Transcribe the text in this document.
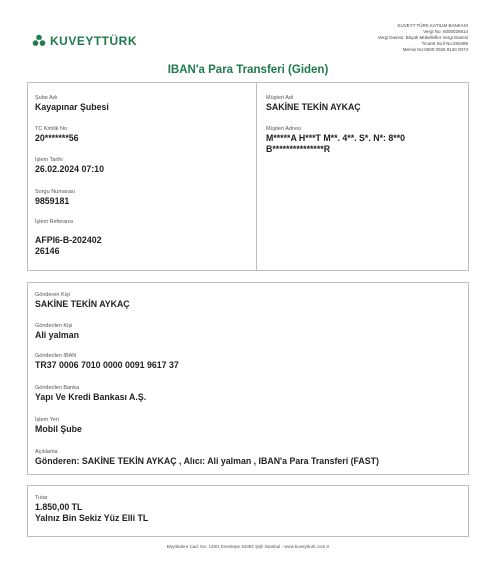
KUVEYTTÜRK
KUVEYT TÜRK KATILIM BANKASI
Vergi No: 6000026814
Vergi Dairesi: Büyük Mükellefler Vergi Dairesi
Ticaret Sicil No:250489
Mersis No:0600 0026 8140 0074
IBAN'a Para Transferi (Giden)
Şube Adı
Kayapınar Şubesi
TC Kimlik No
20*******56
İşlem Tarihi
26.02.2024 07:10
Sorgu Numarası
9859181
İşlem Referansı
AFPI6-B-202402
26146
Müşteri Adı
SAKİNE TEKİN AYKAÇ
Müşteri Adresi
M*****A H***T M**. 4**. S*. N*: 8**0
B***************R
Gönderen Kişi
SAKİNE TEKİN AYKAÇ
Gönderilen Kişi
Ali yalman
Gönderilen IBAN
TR37 0006 7010 0000 0091 9617 37
Gönderilen Banka
Yapı Ve Kredi Bankası A.Ş.
İşlem Yeri
Mobil Şube
Açıklama
Gönderen: SAKİNE TEKİN AYKAÇ , Alıcı: Ali yalman , IBAN'a Para Transferi (FAST)
Tutar
1.850,00 TL
Yalnız Bin Sekiz Yüz Elli TL
Büyükdere Cad. No: 129/1 Esentepe 34394 Şişli İstanbul - www.kuveytturk.com.tr
